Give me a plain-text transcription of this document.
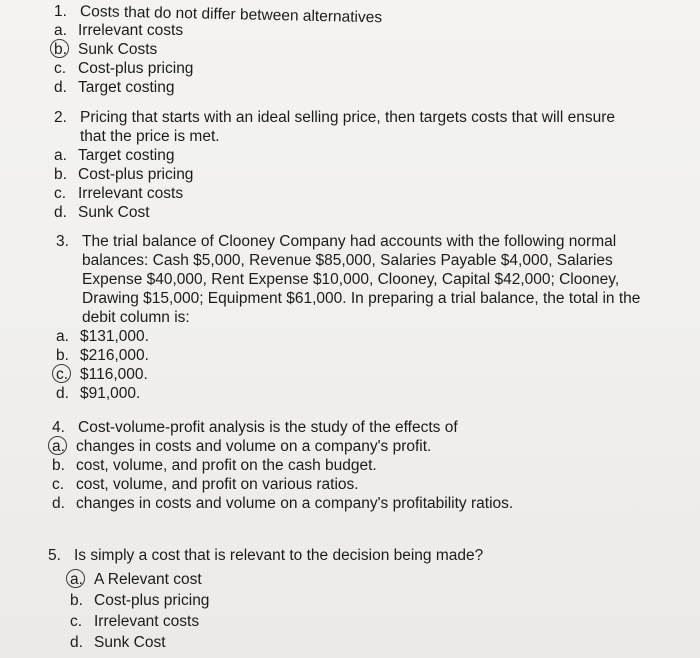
1. Costs that do not differ between alternatives
a. Irrelevant costs
b. Sunk Costs
c. Cost-plus pricing
d. Target costing
2. Pricing that starts with an ideal selling price, then targets costs that will ensure that the price is met.
a. Target costing
b. Cost-plus pricing
c. Irrelevant costs
d. Sunk Cost
3. The trial balance of Clooney Company had accounts with the following normal balances: Cash $5,000, Revenue $85,000, Salaries Payable $4,000, Salaries Expense $40,000, Rent Expense $10,000, Clooney, Capital $42,000; Clooney, Drawing $15,000; Equipment $61,000. In preparing a trial balance, the total in the debit column is:
a. $131,000.
b. $216,000.
c. $116,000.
d. $91,000.
4. Cost-volume-profit analysis is the study of the effects of
a. changes in costs and volume on a company's profit.
b. cost, volume, and profit on the cash budget.
c. cost, volume, and profit on various ratios.
d. changes in costs and volume on a company's profitability ratios.
5. Is simply a cost that is relevant to the decision being made?
a. A Relevant cost
b. Cost-plus pricing
c. Irrelevant costs
d. Sunk Cost
